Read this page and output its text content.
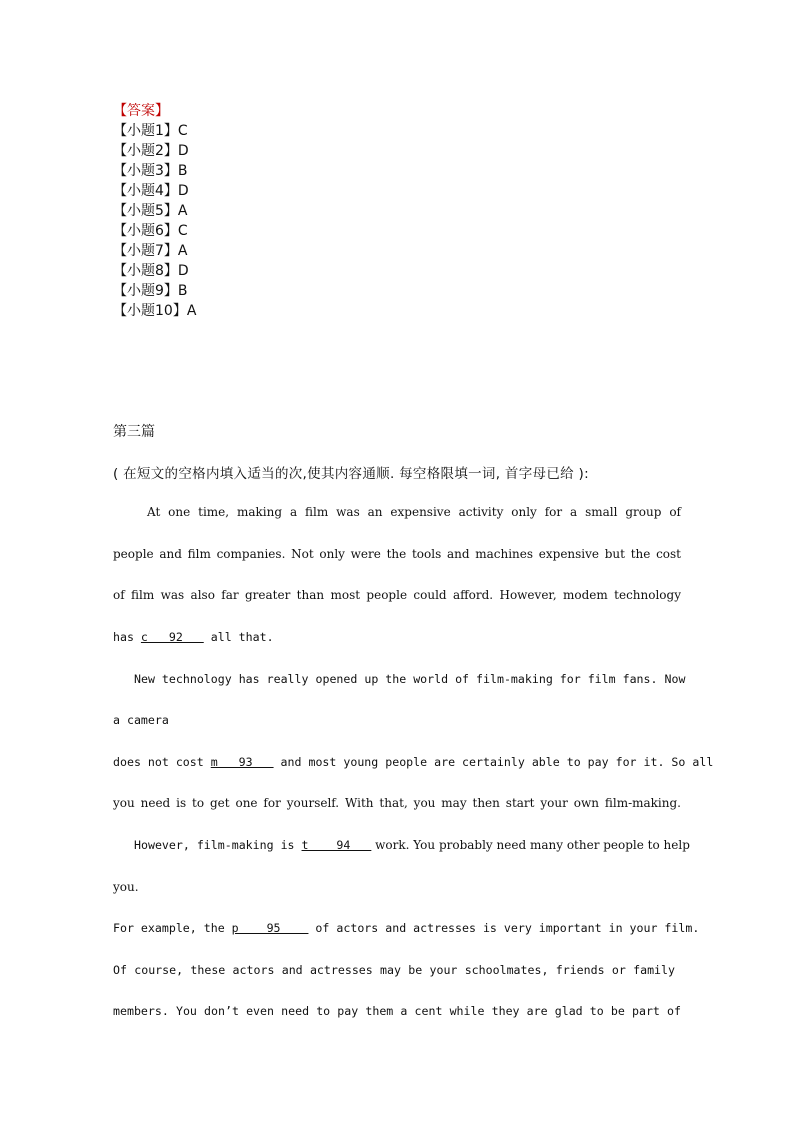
【答案】
【小题1】C
【小题2】D
【小题3】B
【小题4】D
【小题5】A
【小题6】C
【小题7】A
【小题8】D
【小题9】B
【小题10】A
第三篇
( 在短文的空格内填入适当的次,使其内容通顺. 每空格限填一词, 首字母已给 ):
At one time, making a film was an expensive activity only for a small group of
people and film companies. Not only were the tools and machines expensive but the cost
of film was also far greater than most people could afford. However, modem technology
has c   92    all that.
New technology has really opened up the world of film-making for film fans. Now
a camera
does not cost m   93    and most young people are certainly able to pay for it. So all
you need is to get one for yourself. With that, you may then start your own film-making.
However, film-making is t    94    work. You probably need many other people to help
you.
For example, the p    95     of actors and actresses is very important in your film.
Of course, these actors and actresses may be your schoolmates, friends or family
members. You don’t even need to pay them a cent while they are glad to be part of
